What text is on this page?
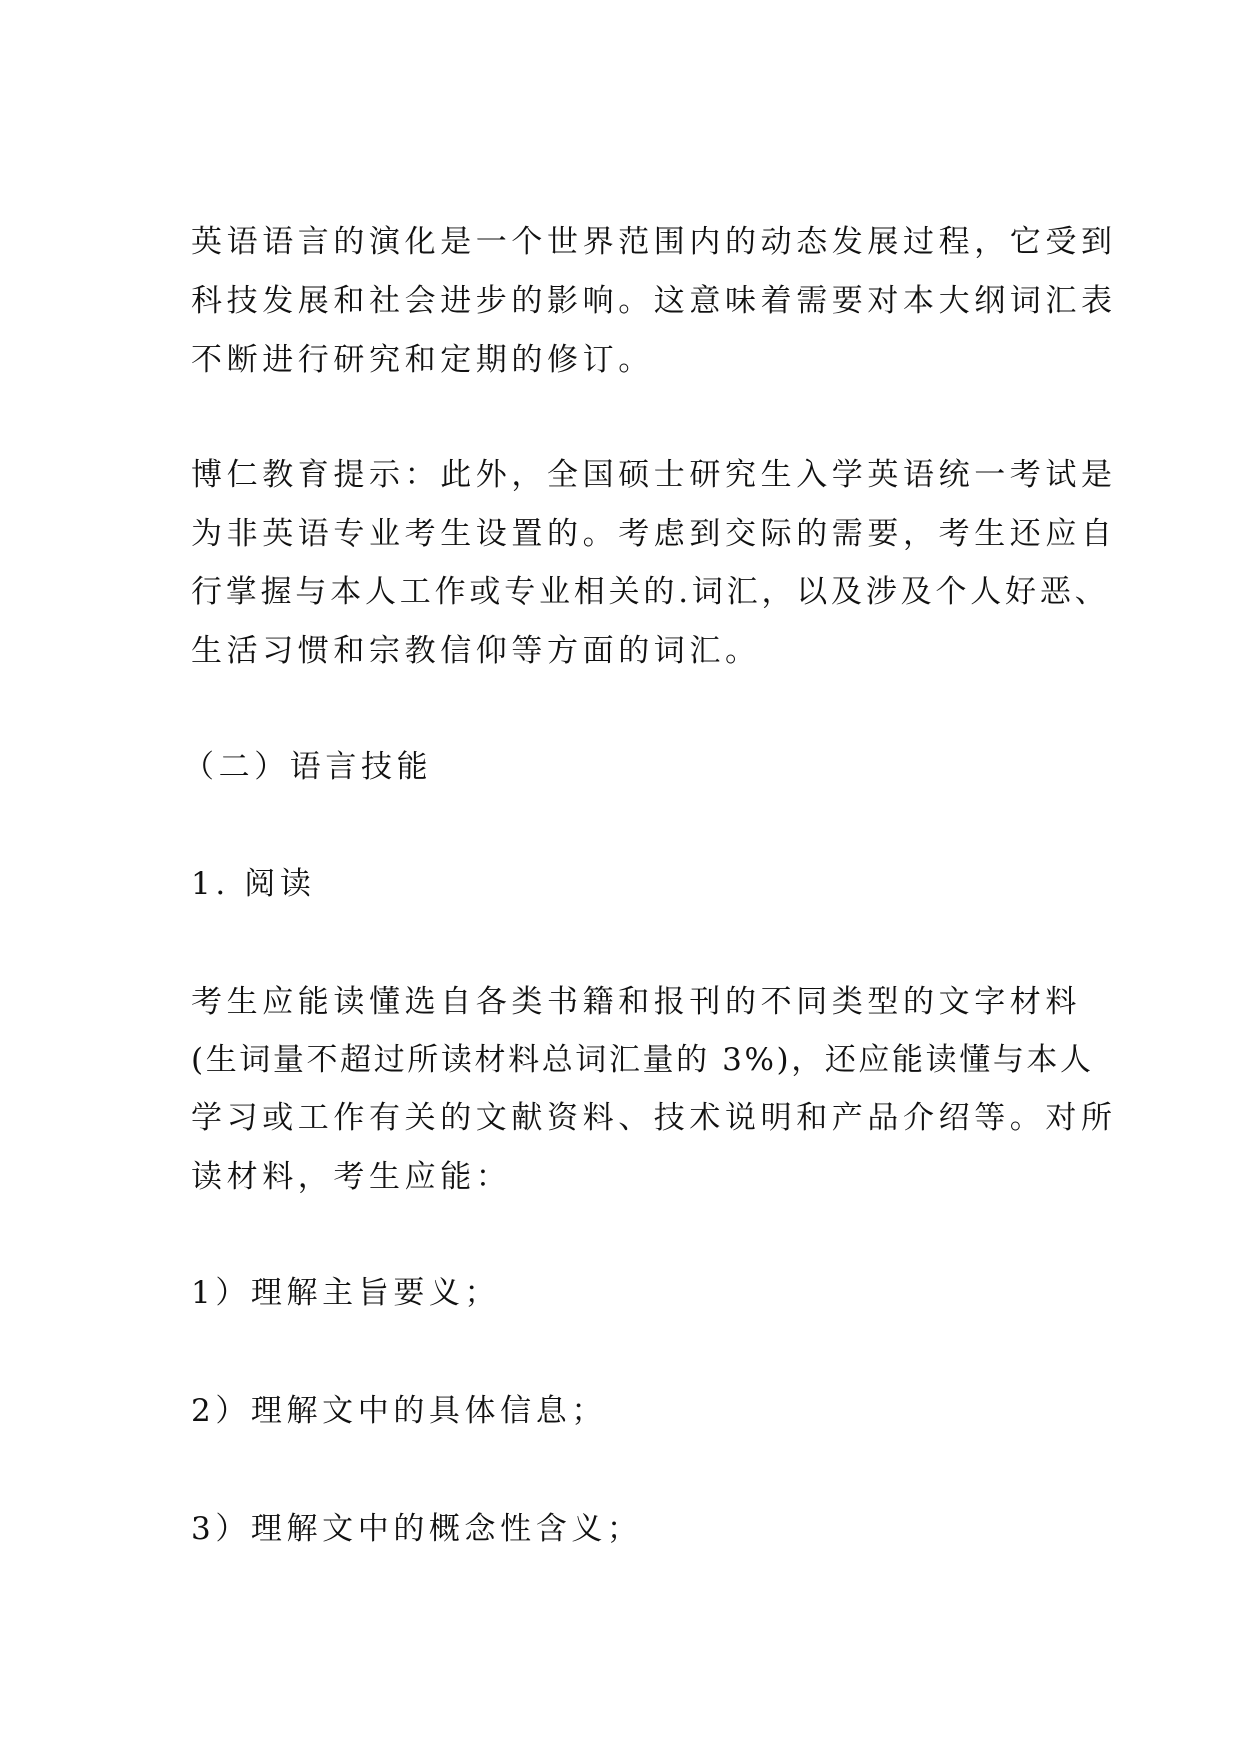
英语语言的演化是一个世界范围内的动态发展过程，它受到
科技发展和社会进步的影响。这意味着需要对本大纲词汇表
不断进行研究和定期的修订。
博仁教育提示：此外，全国硕士研究生入学英语统一考试是
为非英语专业考生设置的。考虑到交际的需要，考生还应自
行掌握与本人工作或专业相关的.词汇，以及涉及个人好恶、
生活习惯和宗教信仰等方面的词汇。
（二）语言技能
1. 阅读
考生应能读懂选自各类书籍和报刊的不同类型的文字材料
(生词量不超过所读材料总词汇量的 3%)，还应能读懂与本人
学习或工作有关的文献资料、技术说明和产品介绍等。对所
读材料，考生应能：
1）理解主旨要义；
2）理解文中的具体信息；
3）理解文中的概念性含义；
